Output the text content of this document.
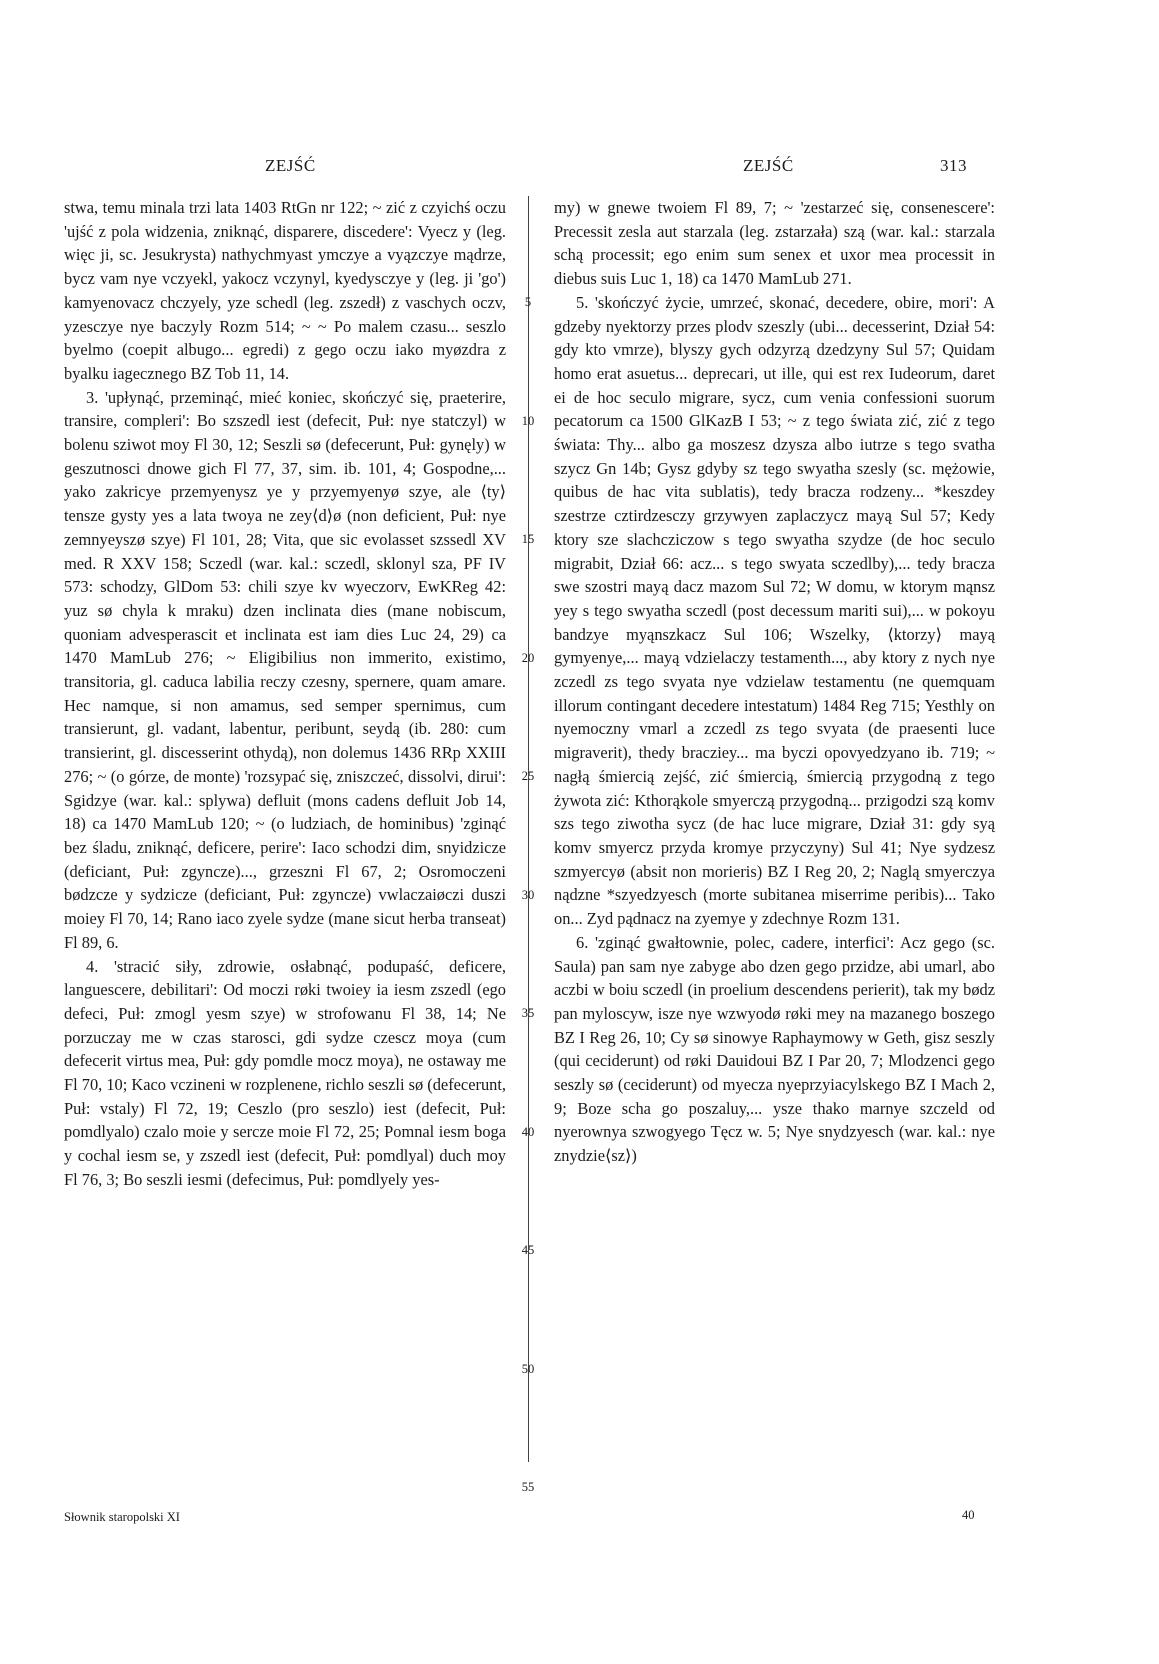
ZEJŚĆ	ZEJŚĆ	313

stwa, temu minala trzi lata 1403 RtGn nr 122; ~ zić z czyichś oczu 'ujść z pola widzenia, zniknąć, disparere, discedere': Vyecz y (leg. więc ji, sc. Jesukrysta) nathychmyast ymczye a vyązczye mądrze, bycz vam nye vczyekl, yakocz vczynyl, kyedysczye y (leg. ji 'go') kamyenovacz chczyely, yze schedl (leg. zszedł) z vaschych oczv, yzesczye nye baczyly Rozm 514; ~ ~ Po malem czasu... seszlo byelmo (coepit albugo... egredi) z gego oczu iako myøzdra z byalku iagecznego BZ Tob 11, 14.

3. 'upłynąć, przeminąć, mieć koniec, skończyć się, praeterire, transire, compleri': Bo szszedl iest (defecit, Puł: nye statczyl) w bolenu sziwot moy Fl 30, 12; Seszli sø (defecerunt, Puł: gynęly) w geszutnosci dnowe gich Fl 77, 37, sim. ib. 101, 4; Gospodne,... yako zakricye przemyenysz ye y przyemyenyø szye, ale ⟨ty⟩ tensze gysty yes a lata twoya ne zey⟨d⟩ø (non deficient, Puł: nye zemnyeyszø szye) Fl 101, 28; Vita, que sic evolasset szssedl XV med. R XXV 158; Sczedl (war. kal.: sczedl, sklonyl sza, PF IV 573: schodzy, GlDom 53: chili szye kv wyeczorv, EwKReg 42: yuz sø chyla k mraku) dzen inclinata dies (mane nobiscum, quoniam advesperascit et inclinata est iam dies Luc 24, 29) ca 1470 MamLub 276; ~ Eligibilius non immerito, existimo, transitoria, gl. caduca labilia reczy czesny, spernere, quam amare. Hec namque, si non amamus, sed semper spernimus, cum transierunt, gl. vadant, labentur, peribunt, seydą (ib. 280: cum transierint, gl. discesserint othydą), non dolemus 1436 RRp XXIII 276; ~ (o górze, de monte) 'rozsypać się, zniszczeć, dissolvi, dirui': Sgidzye (war. kal.: splywa) defluit (mons cadens defluit Job 14, 18) ca 1470 MamLub 120; ~ (o ludziach, de hominibus) 'zginąć bez śladu, zniknąć, deficere, perire': Iaco schodzi dim, snyidzicze (deficiant, Puł: zgyncze)..., grzeszni Fl 67, 2; Osromoczeni bødzcze y sydzicze (deficiant, Puł: zgyncze) vwlaczaiøczi duszi moiey Fl 70, 14; Rano iaco zyele sydze (mane sicut herba transeat) Fl 89, 6.

4. 'stracić siły, zdrowie, osłabnąć, podupaść, deficere, languescere, debilitari': Od moczi røki twoiey ia iesm zszedl (ego defeci, Puł: zmogl yesm szye) w strofowanu Fl 38, 14; Ne porzuczay me w czas starosci, gdi sydze czescz moya (cum defecerit virtus mea, Puł: gdy pomdle mocz moya), ne ostaway me Fl 70, 10; Kaco vczineni w rozplenene, richlo seszli sø (defecerunt, Puł: vstaly) Fl 72, 19; Ceszlo (pro seszlo) iest (defecit, Puł: pomdlyalo) czalo moie y sercze moie Fl 72, 25; Pomnal iesm boga y cochal iesm se, y zszedl iest (defecit, Puł: pomdlyal) duch moy Fl 76, 3; Bo seszli iesmi (defecimus, Puł: pomdlyely yes-

5
10
15
20
25
30
35
40
45
50
55

my) w gnewe twoiem Fl 89, 7; ~ 'zestarzeć się, consenescere': Precessit zesla aut starzala (leg. zstarzała) szą (war. kal.: starzala schą processit; ego enim sum senex et uxor mea processit in diebus suis Luc 1, 18) ca 1470 MamLub 271.

5. 'skończyć życie, umrzeć, skonać, decedere, obire, mori': A gdzeby nyektorzy przes plodv szeszly (ubi... decesserint, Dział 54: gdy kto vmrze), blyszy gych odzyrzą dzedzyny Sul 57; Quidam homo erat asuetus... deprecari, ut ille, qui est rex Iudeorum, daret ei de hoc seculo migrare, sycz, cum venia confessioni suorum pecatorum ca 1500 GlKazB I 53; ~ z tego świata zić, zić z tego świata: Thy... albo ga moszesz dzysza albo iutrze s tego svatha szycz Gn 14b; Gysz gdyby sz tego swyatha szesly (sc. mężowie, quibus de hac vita sublatis), tedy bracza rodzeny... *keszdey szestrze cztirdzesczy grzywyen zaplaczycz mayą Sul 57; Kedy ktory sze slachcziczow s tego swyatha szydze (de hoc seculo migrabit, Dział 66: acz... s tego swyata sczedlby),... tedy bracza swe szostri mayą dacz mazom Sul 72; W domu, w ktorym mąnsz yey s tego swyatha sczedl (post decessum mariti sui),... w pokoyu bandzye myąnszkacz Sul 106; Wszelky, ⟨ktorzy⟩ mayą gymyenye,... mayą vdzielaczy testamenth..., aby ktory z nych nye zczedl zs tego svyata nye vdzielaw testamentu (ne quemquam illorum contingant decedere intestatum) 1484 Reg 715; Yesthly on nyemoczny vmarl a zczedl zs tego svyata (de praesenti luce migraverit), thedy bracziey... ma byczi opovyedzyano ib. 719; ~ nagłą śmiercią zejść, zić śmiercią, śmiercią przygodną z tego żywota zić: Kthorąkole smyerczą przygodną... przigodzi szą komv szs tego ziwotha sycz (de hac luce migrare, Dział 31: gdy syą komv smyercz przyda kromye przyczyny) Sul 41; Nye sydzesz szmyercyø (absit non morieris) BZ I Reg 20, 2; Naglą smyerczya nądzne *szyedzyesch (morte subitanea miserrime peribis)... Tako on... Zyd pądnacz na zyemye y zdechnye Rozm 131.

6. 'zginąć gwałtownie, polec, cadere, interfici': Acz gego (sc. Saula) pan sam nye zabyge abo dzen gego przidze, abi umarl, abo aczbi w boiu sczedl (in proelium descendens perierit), tak my bødz pan myloscyw, isze nye wzwyodø røki mey na mazanego boszego BZ I Reg 26, 10; Cy sø sinowye Raphaymowy w Geth, gisz seszly (qui ceciderunt) od røki Dauidoui BZ I Par 20, 7; Mlodzenci gego seszly sø (ceciderunt) od myecza nyeprzyiacylskego BZ I Mach 2, 9; Boze scha go poszaluy,... ysze thako marnye szczeld od nyerownya szwogyego Tęcz w. 5; Nye snydzyesch (war. kal.: nye znydzie⟨sz⟩)

Słownik staropolski XI	40
